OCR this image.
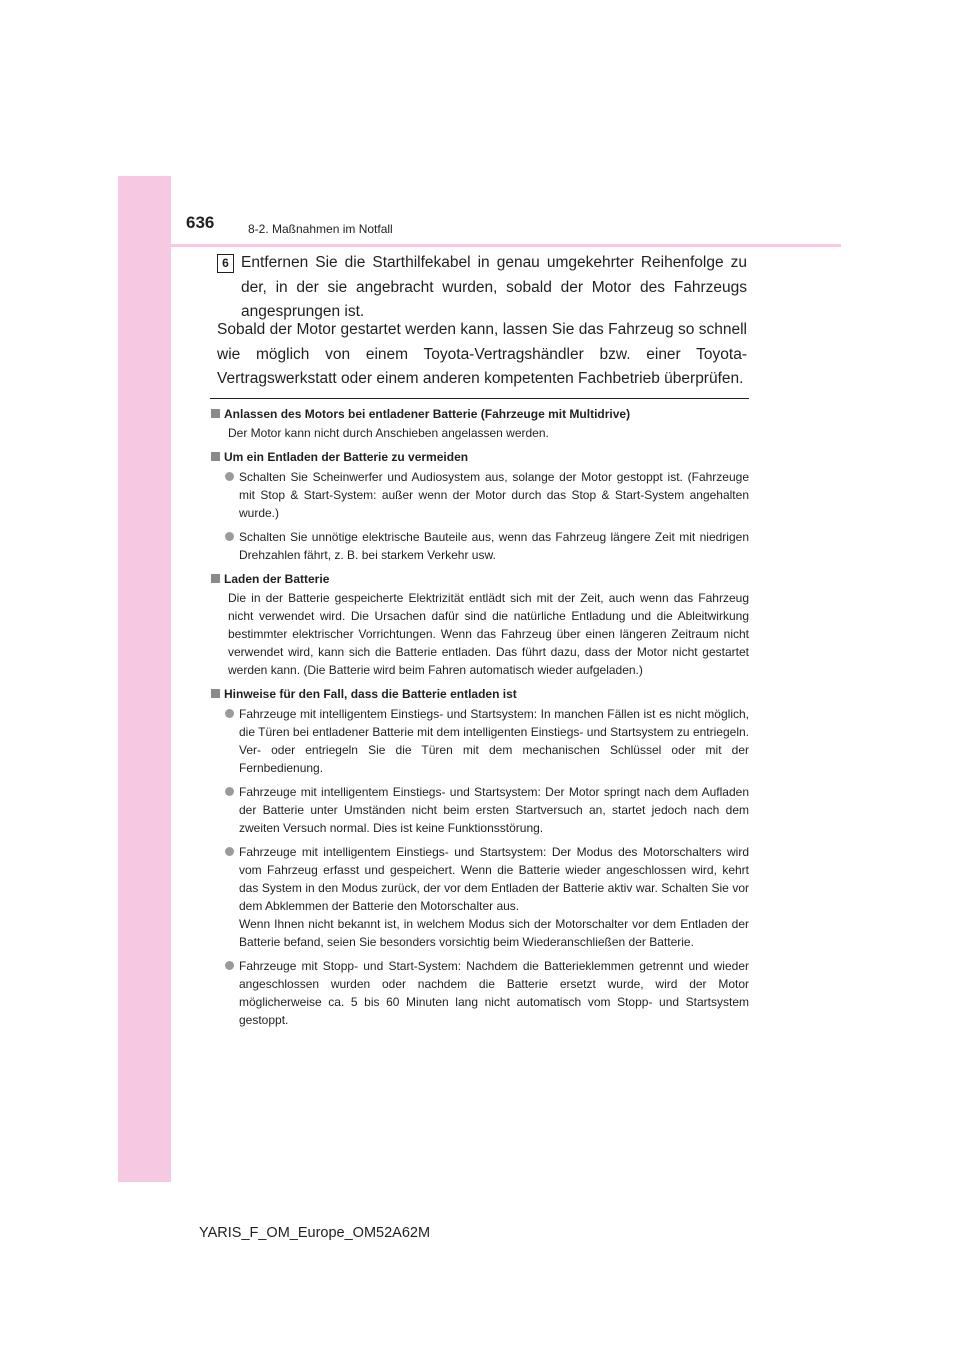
636	8-2. Maßnahmen im Notfall
6 Entfernen Sie die Starthilfekabel in genau umgekehrter Reihenfolge zu der, in der sie angebracht wurden, sobald der Motor des Fahrzeugs angesprungen ist.

Sobald der Motor gestartet werden kann, lassen Sie das Fahrzeug so schnell wie möglich von einem Toyota-Vertragshändler bzw. einer Toyota-Vertragswerkstatt oder einem anderen kompetenten Fachbetrieb überprüfen.

Anlassen des Motors bei entladener Batterie (Fahrzeuge mit Multidrive)
Der Motor kann nicht durch Anschieben angelassen werden.
Um ein Entladen der Batterie zu vermeiden
Schalten Sie Scheinwerfer und Audiosystem aus, solange der Motor gestoppt ist. (Fahrzeuge mit Stop & Start-System: außer wenn der Motor durch das Stop & Start-System angehalten wurde.)
Schalten Sie unnötige elektrische Bauteile aus, wenn das Fahrzeug längere Zeit mit niedrigen Drehzahlen fährt, z. B. bei starkem Verkehr usw.
Laden der Batterie
Die in der Batterie gespeicherte Elektrizität entlädt sich mit der Zeit, auch wenn das Fahrzeug nicht verwendet wird. Die Ursachen dafür sind die natürliche Entladung und die Ableitwirkung bestimmter elektrischer Vorrichtungen. Wenn das Fahrzeug über einen längeren Zeitraum nicht verwendet wird, kann sich die Batterie entladen. Das führt dazu, dass der Motor nicht gestartet werden kann. (Die Batterie wird beim Fahren automatisch wieder aufgeladen.)
Hinweise für den Fall, dass die Batterie entladen ist
Fahrzeuge mit intelligentem Einstiegs- und Startsystem: In manchen Fällen ist es nicht möglich, die Türen bei entladener Batterie mit dem intelligenten Einstiegs- und Startsystem zu entriegeln. Ver- oder entriegeln Sie die Türen mit dem mechanischen Schlüssel oder mit der Fernbedienung.
Fahrzeuge mit intelligentem Einstiegs- und Startsystem: Der Motor springt nach dem Aufladen der Batterie unter Umständen nicht beim ersten Startversuch an, startet jedoch nach dem zweiten Versuch normal. Dies ist keine Funktionsstörung.
Fahrzeuge mit intelligentem Einstiegs- und Startsystem: Der Modus des Motorschalters wird vom Fahrzeug erfasst und gespeichert. Wenn die Batterie wieder angeschlossen wird, kehrt das System in den Modus zurück, der vor dem Entladen der Batterie aktiv war. Schalten Sie vor dem Abklemmen der Batterie den Motorschalter aus.
Wenn Ihnen nicht bekannt ist, in welchem Modus sich der Motorschalter vor dem Entladen der Batterie befand, seien Sie besonders vorsichtig beim Wiederanschließen der Batterie.
Fahrzeuge mit Stopp- und Start-System: Nachdem die Batterieklemmen getrennt und wieder angeschlossen wurden oder nachdem die Batterie ersetzt wurde, wird der Motor möglicherweise ca. 5 bis 60 Minuten lang nicht automatisch vom Stopp- und Startsystem gestoppt.
YARIS_F_OM_Europe_OM52A62M
